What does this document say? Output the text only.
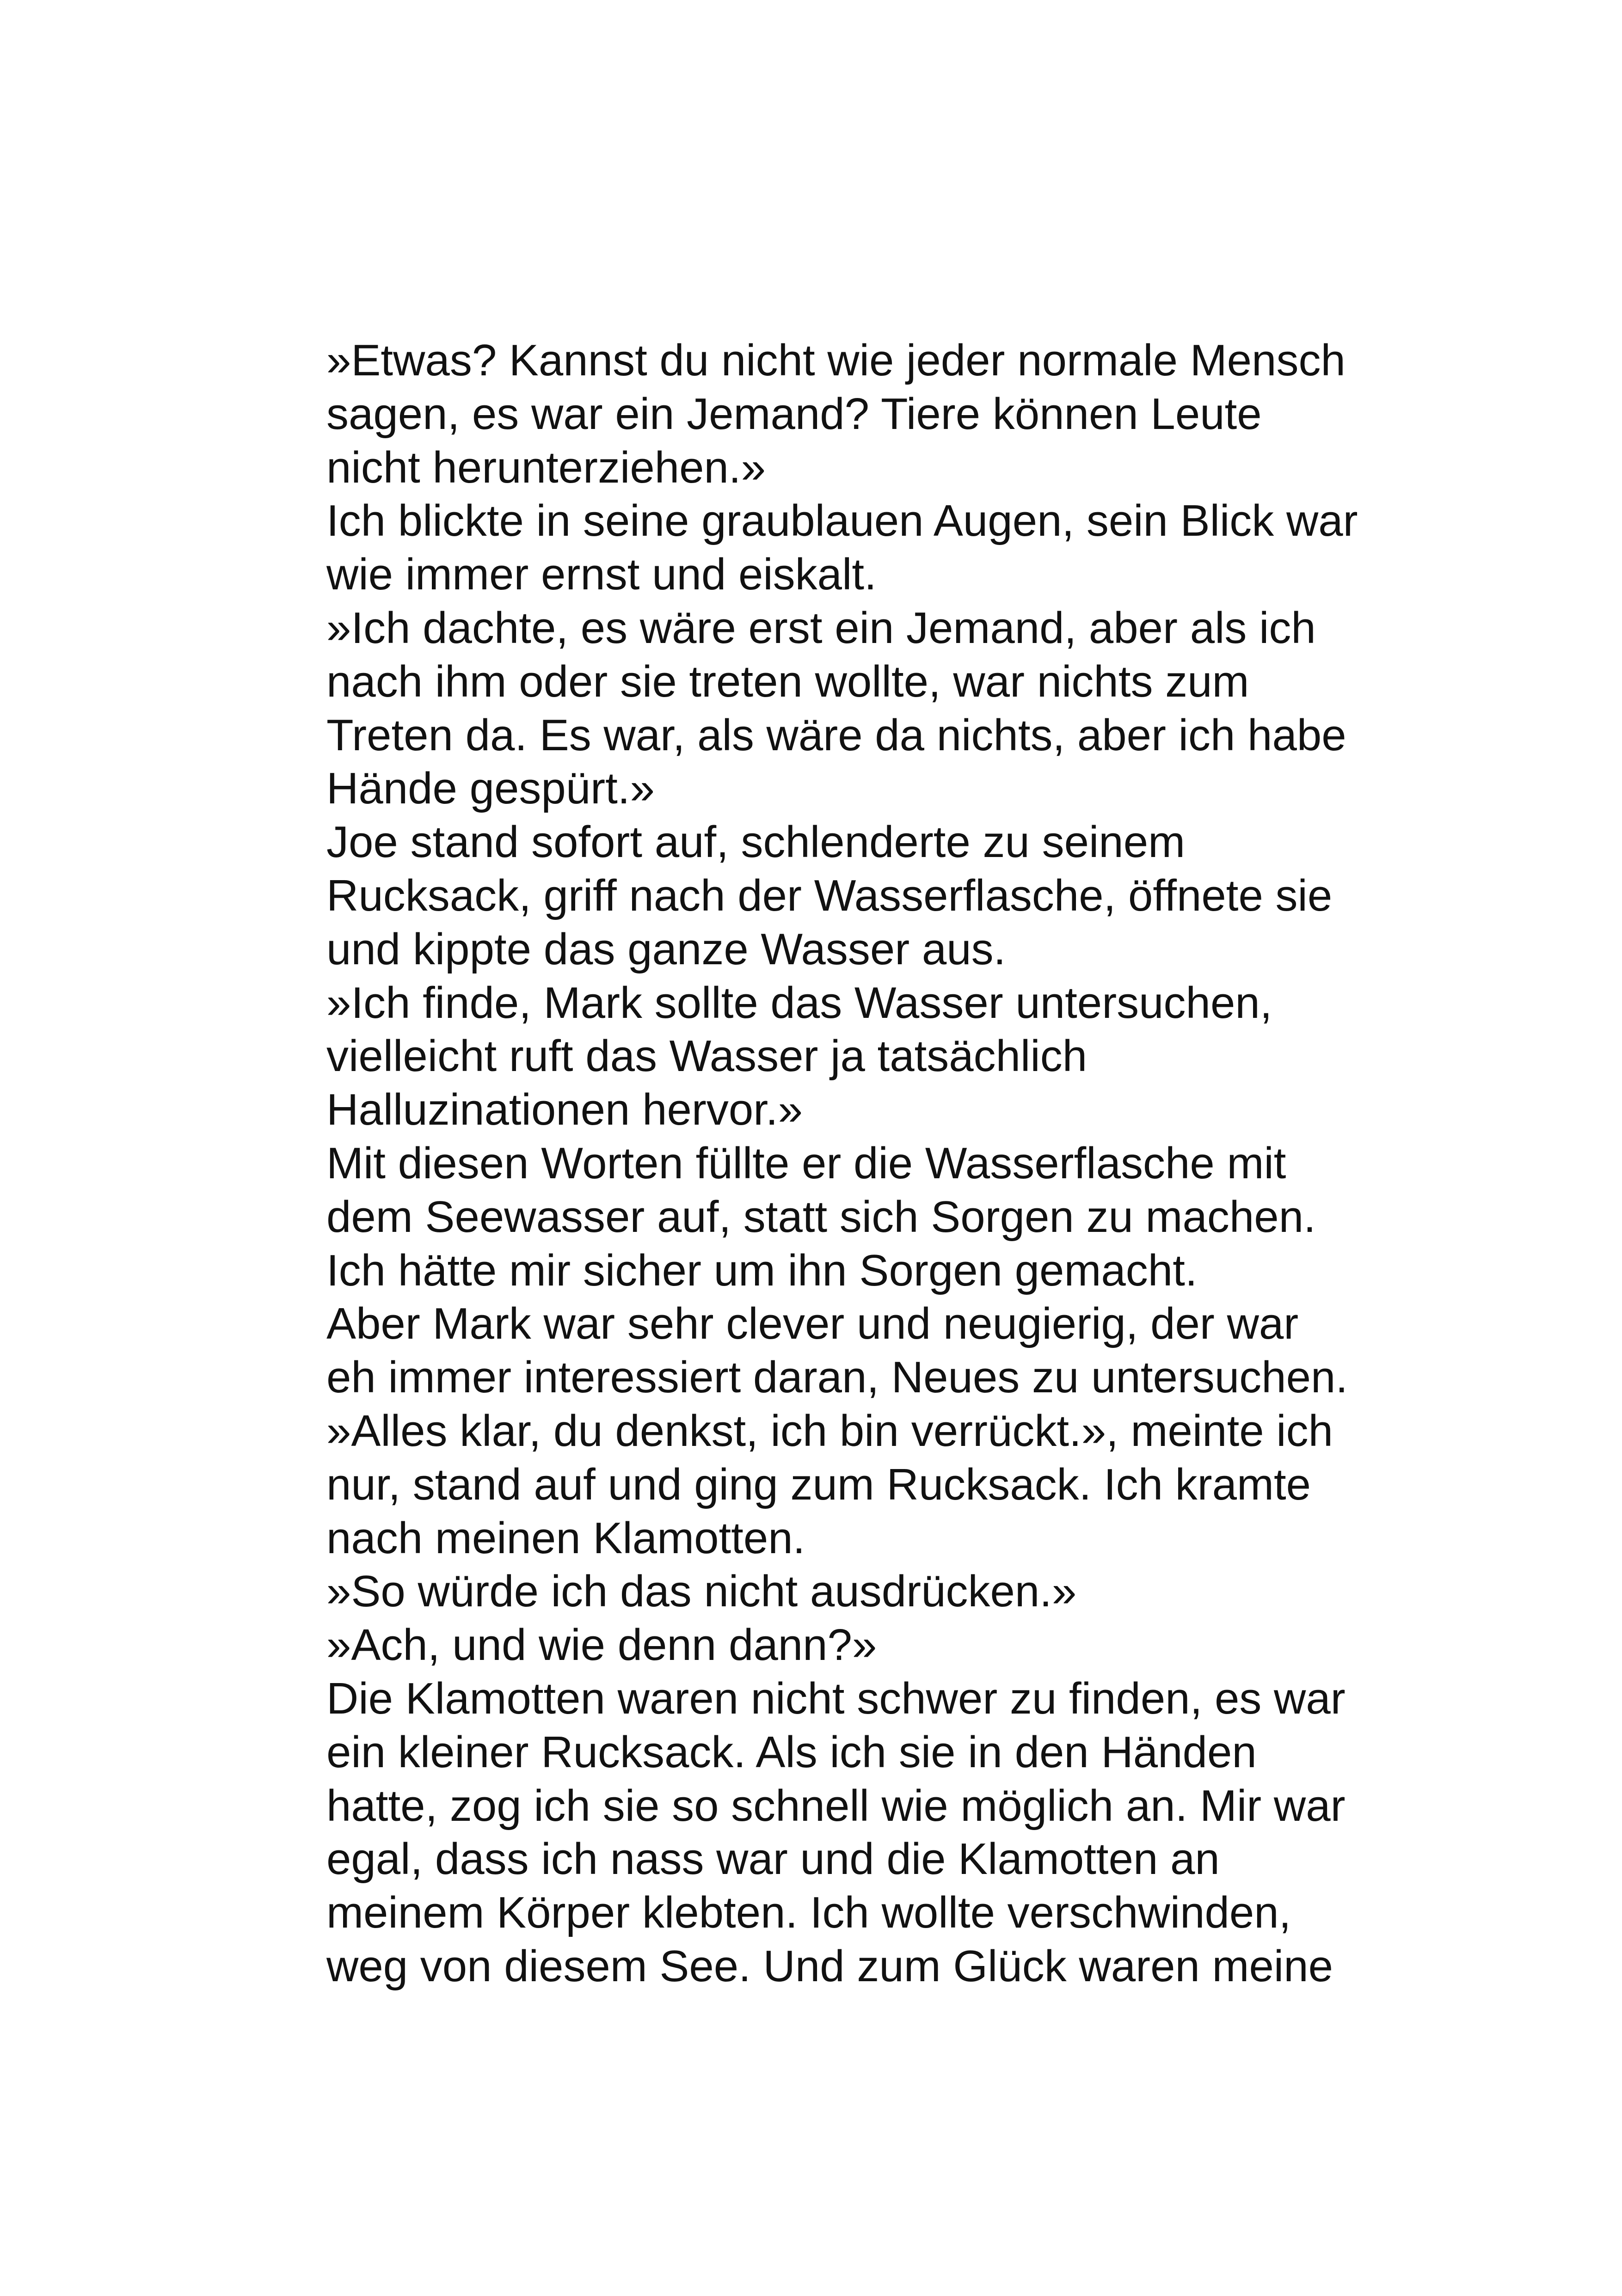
»Etwas? Kannst du nicht wie jeder normale Mensch
sagen, es war ein Jemand? Tiere können Leute
nicht herunterziehen.»
Ich blickte in seine graublauen Augen, sein Blick war
wie immer ernst und eiskalt.
»Ich dachte, es wäre erst ein Jemand, aber als ich
nach ihm oder sie treten wollte, war nichts zum
Treten da. Es war, als wäre da nichts, aber ich habe
Hände gespürt.»
Joe stand sofort auf, schlenderte zu seinem
Rucksack, griff nach der Wasserflasche, öffnete sie
und kippte das ganze Wasser aus.
»Ich finde, Mark sollte das Wasser untersuchen,
vielleicht ruft das Wasser ja tatsächlich
Halluzinationen hervor.»
Mit diesen Worten füllte er die Wasserflasche mit
dem Seewasser auf, statt sich Sorgen zu machen.
Ich hätte mir sicher um ihn Sorgen gemacht.
Aber Mark war sehr clever und neugierig, der war
eh immer interessiert daran, Neues zu untersuchen.
»Alles klar, du denkst, ich bin verrückt.», meinte ich
nur, stand auf und ging zum Rucksack. Ich kramte
nach meinen Klamotten.
»So würde ich das nicht ausdrücken.»
»Ach, und wie denn dann?»
Die Klamotten waren nicht schwer zu finden, es war
ein kleiner Rucksack. Als ich sie in den Händen
hatte, zog ich sie so schnell wie möglich an. Mir war
egal, dass ich nass war und die Klamotten an
meinem Körper klebten. Ich wollte verschwinden,
weg von diesem See. Und zum Glück waren meine
